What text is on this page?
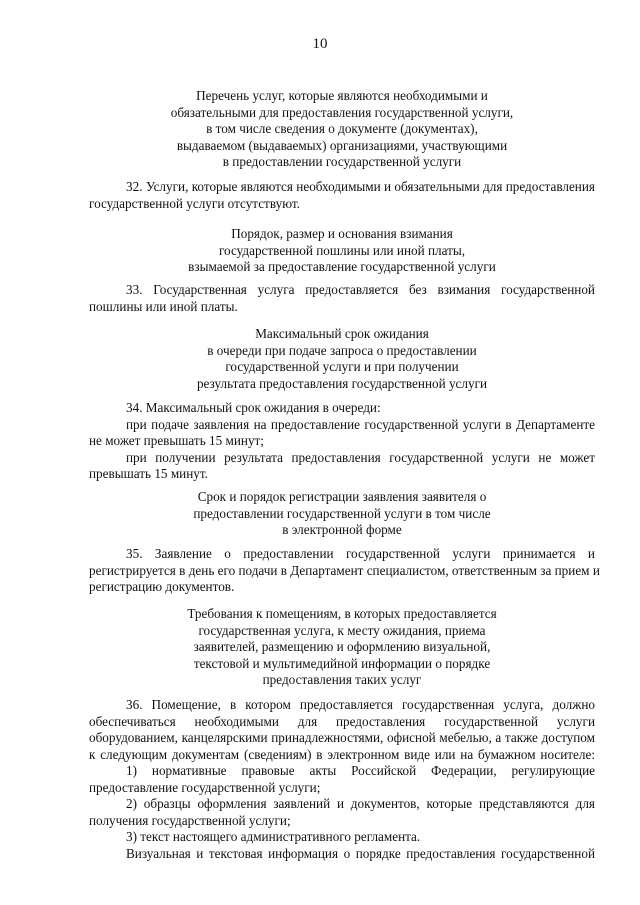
10
Перечень услуг, которые являются необходимыми и
обязательными для предоставления государственной услуги,
в том числе сведения о документе (документах),
выдаваемом (выдаваемых) организациями, участвующими
в предоставлении государственной услуги
32. Услуги, которые являются необходимыми и обязательными для предоставления
государственной услуги отсутствуют.
Порядок, размер и основания взимания
государственной пошлины или иной платы,
взымаемой за предоставление государственной услуги
33. Государственная услуга предоставляется без взимания государственной
пошлины или иной платы.
Максимальный срок ожидания
в очереди при подаче запроса о предоставлении
государственной услуги и при получении
результата предоставления государственной услуги
34. Максимальный срок ожидания в очереди:
при подаче заявления на предоставление государственной услуги в Департаменте
не может превышать 15 минут;
при получении результата предоставления государственной услуги не может
превышать 15 минут.
Срок и порядок регистрации заявления заявителя о
предоставлении государственной услуги в том числе
в электронной форме
35. Заявление о предоставлении государственной услуги принимается и
регистрируется в день его подачи в Департамент специалистом, ответственным за прием и
регистрацию документов.
Требования к помещениям, в которых предоставляется
государственная услуга, к месту ожидания, приема
заявителей, размещению и оформлению визуальной,
текстовой и мультимедийной информации о порядке
предоставления таких услуг
36. Помещение, в котором предоставляется государственная услуга, должно
обеспечиваться необходимыми для предоставления государственной услуги
оборудованием, канцелярскими принадлежностями, офисной мебелью, а также доступом
к следующим документам (сведениям) в электронном виде или на бумажном носителе:
1) нормативные правовые акты Российской Федерации, регулирующие
предоставление государственной услуги;
2) образцы оформления заявлений и документов, которые представляются для
получения государственной услуги;
3) текст настоящего административного регламента.
Визуальная и текстовая информация о порядке предоставления государственной
